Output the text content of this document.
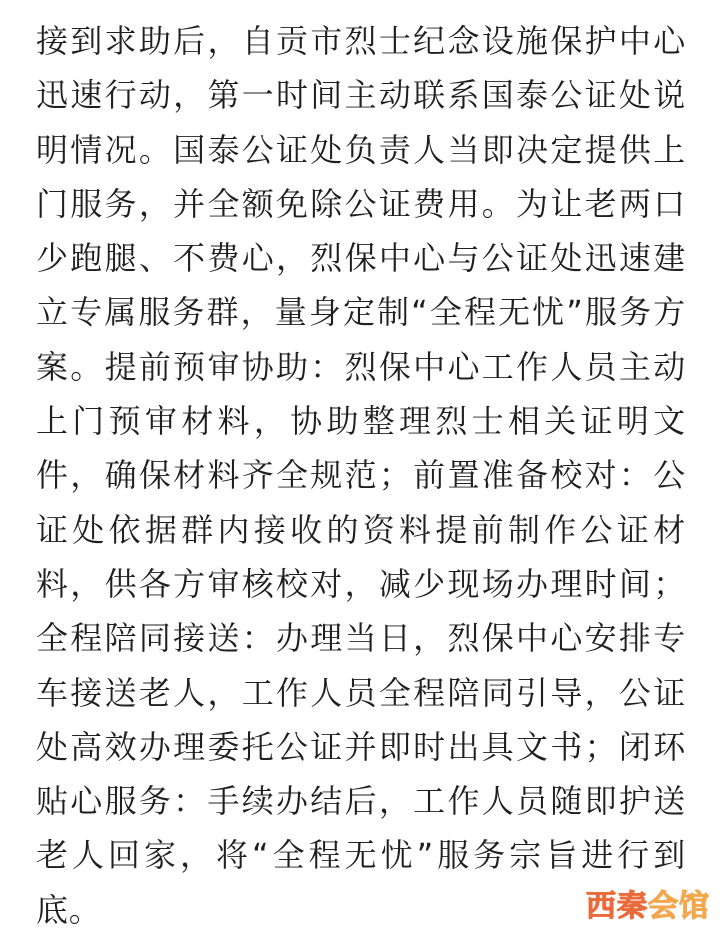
接到求助后，自贡市烈士纪念设施保护中心迅速行动，第一时间主动联系国泰公证处说明情况。国泰公证处负责人当即决定提供上门服务，并全额免除公证费用。为让老两口少跑腿、不费心，烈保中心与公证处迅速建立专属服务群，量身定制“全程无忧”服务方案。提前预审协助：烈保中心工作人员主动上门预审材料，协助整理烈士相关证明文件，确保材料齐全规范；前置准备校对：公证处依据群内接收的资料提前制作公证材料，供各方审核校对，减少现场办理时间；全程陪同接送：办理当日，烈保中心安排专车接送老人，工作人员全程陪同引导，公证处高效办理委托公证并即时出具文书；闭环贴心服务：手续办结后，工作人员随即护送老人回家，将“全程无忧”服务宗旨进行到底。	西秦会馆
